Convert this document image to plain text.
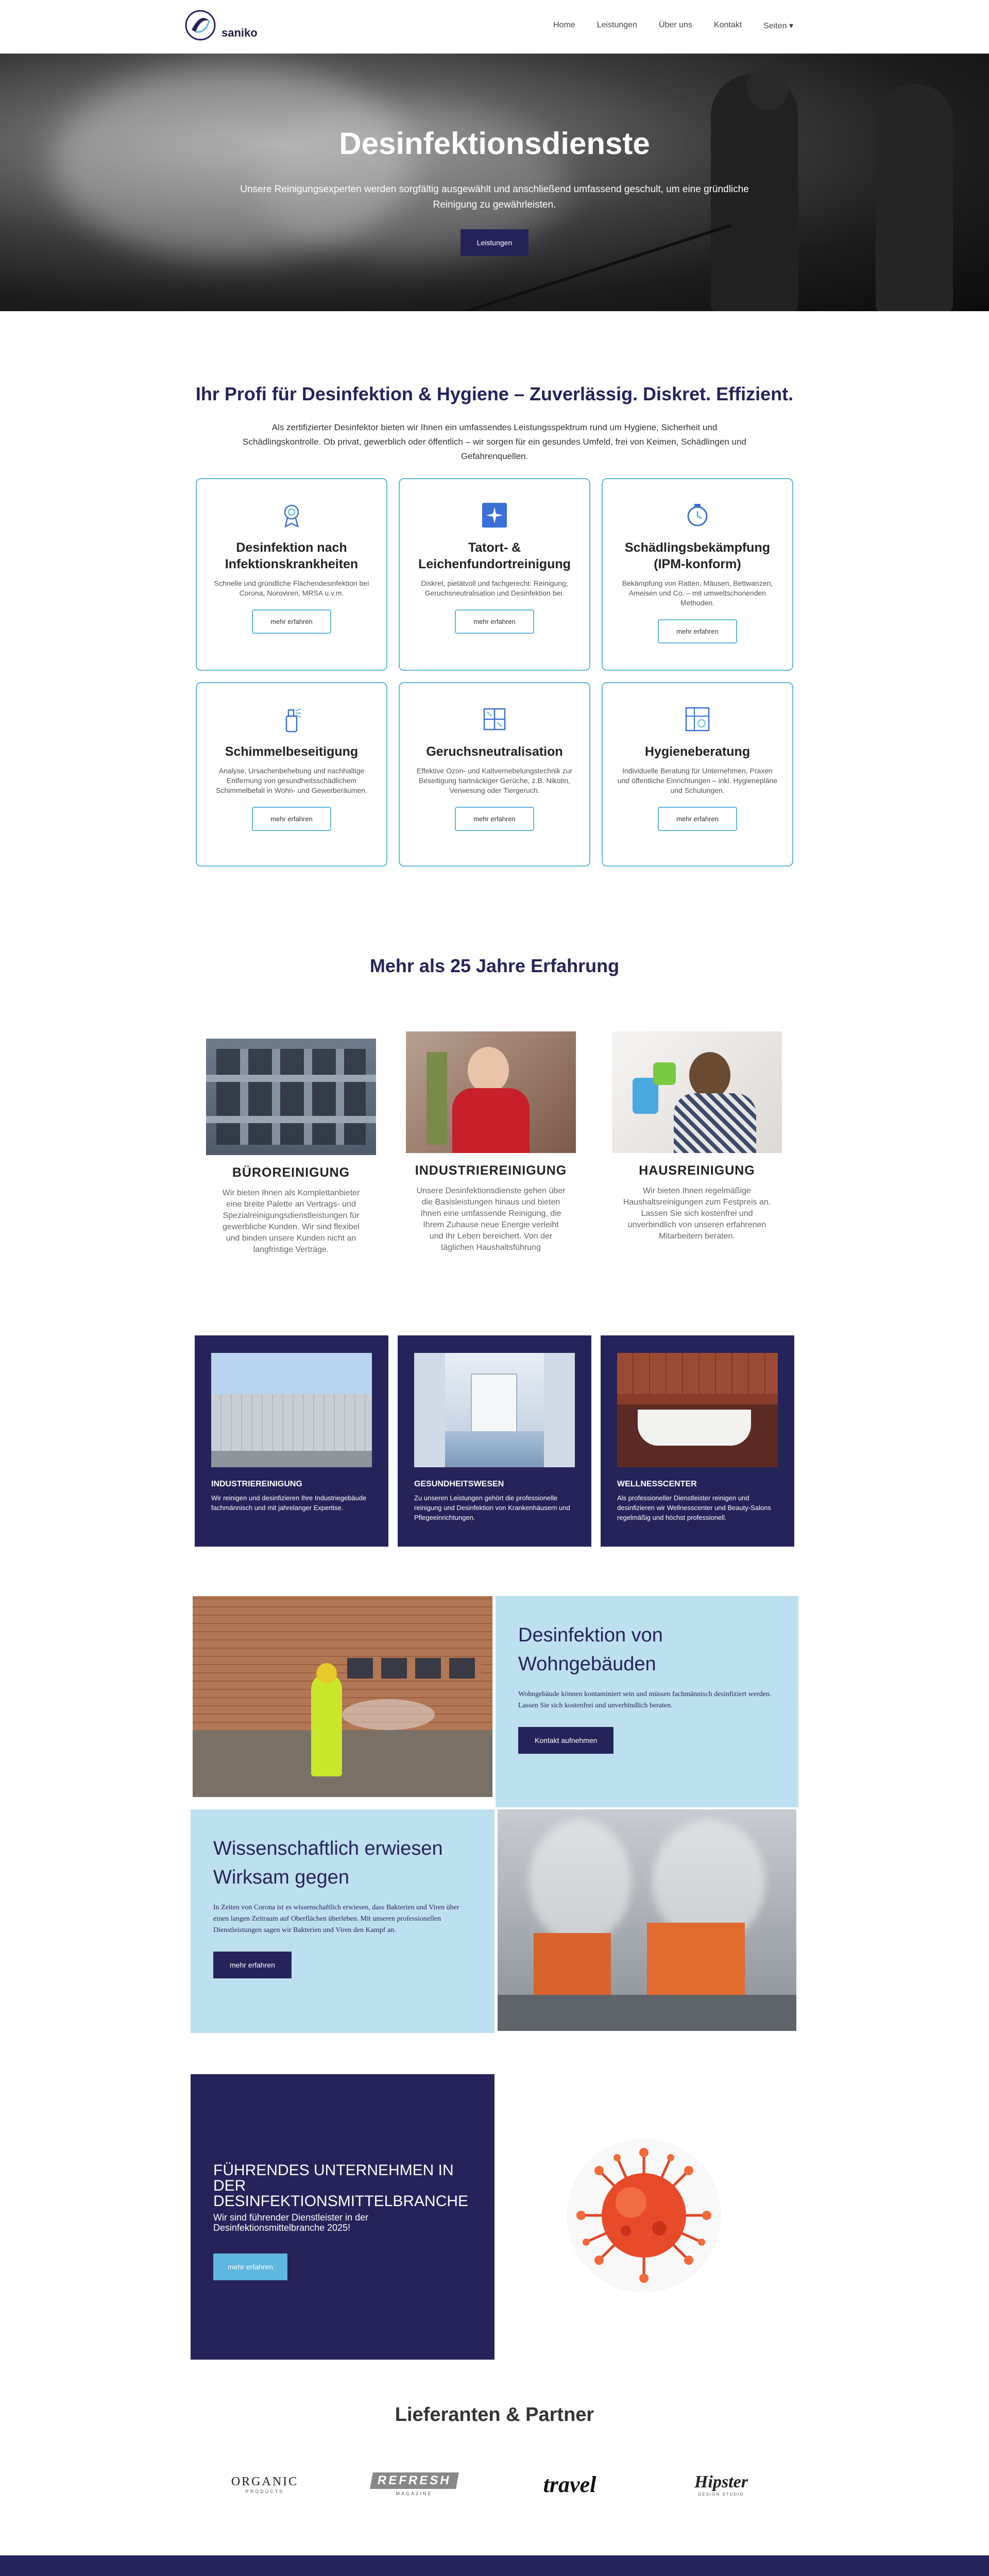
saniko
Home	Leistungen	Über uns	Kontakt	Seiten ▾
Desinfektionsdienste

Unsere Reinigungsexperten werden sorgfältig ausgewählt und anschließend umfassend geschult, um eine gründliche Reinigung zu gewährleisten.

Leistungen
Ihr Profi für Desinfektion & Hygiene – Zuverlässig. Diskret. Effizient.

Als zertifizierter Desinfektor bieten wir Ihnen ein umfassendes Leistungsspektrum rund um Hygiene, Sicherheit und Schädlingskontrolle. Ob privat, gewerblich oder öffentlich – wir sorgen für ein gesundes Umfeld, frei von Keimen, Schädlingen und Gefahrenquellen.

Desinfektion nach Infektionskrankheiten
Schnelle und gründliche Flächendesinfektion bei Corona, Noroviren, MRSA u.v.m.
mehr erfahren
Tatort- & Leichenfundortreinigung
Diskret, pietätvoll und fachgerecht: Reinigung, Geruchsneutralisation und Desinfektion bei.
mehr erfahren
Schädlingsbekämpfung (IPM-konform)
Bekämpfung von Ratten, Mäusen, Bettwanzen, Ameisen und Co. – mit umweltschonenden Methoden.
mehr erfahren
Schimmelbeseitigung
Analyse, Ursachenbehebung und nachhaltige Entfernung von gesundheitsschädlichem Schimmelbefall in Wohn- und Gewerberäumen.
mehr erfahren
Geruchsneutralisation
Effektive Ozon- und Kaltvernebelungstechnik zur Beseitigung hartnäckiger Gerüche, z.B. Nikotin, Verwesung oder Tiergeruch.
mehr erfahren
Hygieneberatung
Individuelle Beratung für Unternehmen, Praxen und öffentliche Einrichtungen – inkl. Hygienepläne und Schulungen.
mehr erfahren
Mehr als 25 Jahre Erfahrung
BÜROREINIGUNG
Wir bieten Ihnen als Komplettanbieter eine breite Palette an Vertrags- und Spezialreinigungsdienstleistungen für gewerbliche Kunden. Wir sind flexibel und binden unsere Kunden nicht an langfristige Verträge.
INDUSTRIEREINIGUNG
Unsere Desinfektionsdienste gehen über die Basisleistungen hinaus und bieten Ihnen eine umfassende Reinigung, die Ihrem Zuhause neue Energie verleiht und Ihr Leben bereichert. Von der täglichen Haushaltsführung
HAUSREINIGUNG
Wir bieten Ihnen regelmäßige Haushaltsreinigungen zum Festpreis an. Lassen Sie sich kostenfrei und unverbindlich von unseren erfahrenen Mitarbeitern beraten.
INDUSTRIEREINIGUNG
Wir reinigen und desinfizieren Ihre Industriegebäude fachmännisch und mit jahrelanger Expertise.
GESUNDHEITSWESEN
Zu unseren Leistungen gehört die professionelle reinigung und Desinfektion von Krankenhäusern und Pflegeeinrichtungen.
WELLNESSCENTER
Als professioneller Dienstleister reinigen und desinfizieren wir Wellnesscenter und Beauty-Salons regelmäßig und höchst professionell.
Desinfektion von Wohngebäuden
Wohngebäude können kontaminiert sein und müssen fachmännisch desinfiziert werden. Lassen Sie sich kostenfrei und unverbindlich beraten.
Kontakt aufnehmen
Wissenschaftlich erwiesen Wirksam gegen
In Zeiten von Corona ist es wissenschaftlich erwiesen, dass Bakterien und Viren über einen langen Zeitraum auf Oberflächen überleben. Mit unseren professionellen Dienstleistungen sagen wir Bakterien und Viren den Kampf an.
mehr erfahren
FÜHRENDES UNTERNEHMEN IN DER DESINFEKTIONSMITTELBRANCHE
Wir sind führender Dienstleister in der Desinfektionsmittelbranche 2025!
mehr erfahren
Lieferanten & Partner
ORGANIC
PRODUCTS
REFRESH
MAGAZINE	travel	Hipster
DESIGN STUDIO
